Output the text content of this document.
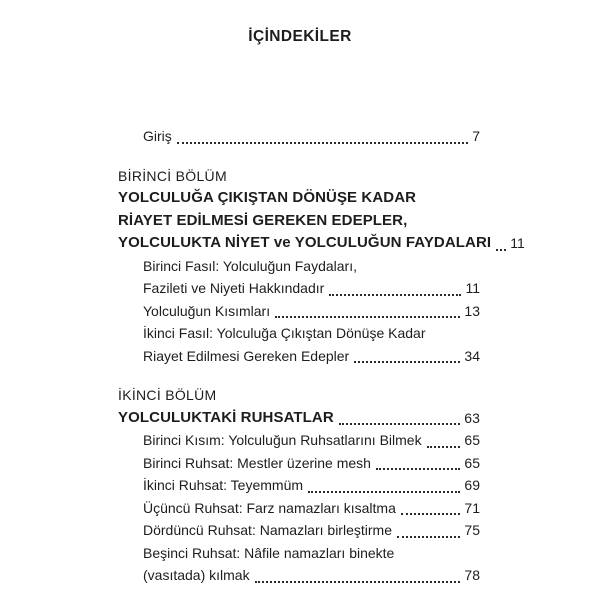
İÇİNDEKİLER
Giriş	7
BİRİNCİ BÖLÜM
YOLCULUĞA ÇIKIŞTAN DÖNÜŞE KADAR
RİAYET EDİLMESİ GEREKEN EDEPLER,
YOLCULUKTA NİYET ve YOLCULUĞUN FAYDALARI 11
Birinci Fasıl: Yolculuğun Faydaları,
Fazileti ve Niyeti Hakkındadır	11
Yolculuğun Kısımları	13
İkinci Fasıl: Yolculuğa Çıkıştan Dönüşe Kadar
Riayet Edilmesi Gereken Edepler	34
İKİNCİ BÖLÜM
YOLCULUKTAKİ RUHSATLAR	63
Birinci Kısım: Yolculuğun Ruhsatlarını Bilmek	65
Birinci Ruhsat: Mestler üzerine mesh	65
İkinci Ruhsat: Teyemmüm	69
Üçüncü Ruhsat: Farz namazları kısaltma	71
Dördüncü Ruhsat: Namazları birleştirme	75
Beşinci Ruhsat: Nâfile namazları binekte
(vasıtada) kılmak	78
